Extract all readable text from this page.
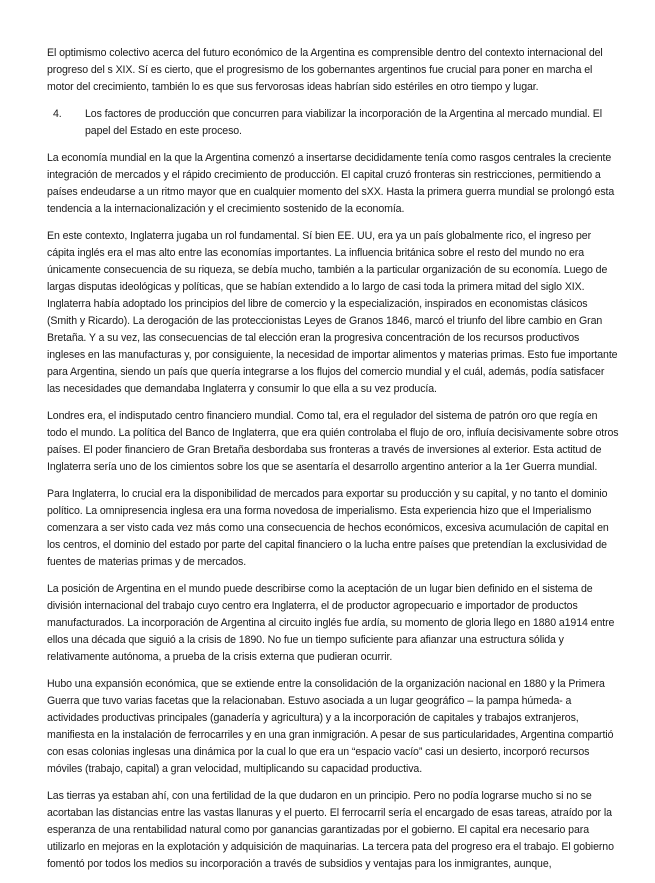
El optimismo colectivo acerca del futuro económico de la Argentina es comprensible dentro del contexto internacional del progreso del s XIX. Sí es cierto, que el progresismo de los gobernantes argentinos fue crucial para poner en marcha el motor del crecimiento, también lo es que sus fervorosas ideas habrían sido estériles en otro tiempo y lugar.

4.	Los factores de producción que concurren para viabilizar la incorporación de la Argentina al mercado mundial. El papel del Estado en este proceso.

La economía mundial en la que la Argentina comenzó a insertarse decididamente tenía como rasgos centrales la creciente integración de mercados y el rápido crecimiento de producción. El capital cruzó fronteras sin restricciones, permitiendo a países endeudarse a un ritmo mayor que en cualquier momento del sXX. Hasta la primera guerra mundial se prolongó esta tendencia a la internacionalización y el crecimiento sostenido de la economía.

En este contexto, Inglaterra jugaba un rol fundamental. Sí bien EE. UU, era ya un país globalmente rico, el ingreso per cápita inglés era el mas alto entre las economías importantes. La influencia británica sobre el resto del mundo no era únicamente consecuencia de su riqueza, se debía mucho, también a la particular organización de su economía. Luego de largas disputas ideológicas y políticas, que se habían extendido a lo largo de casi toda la primera mitad del siglo XIX. Inglaterra había adoptado los principios del libre de comercio y la especialización, inspirados en economistas clásicos (Smith y Ricardo). La derogación de las proteccionistas Leyes de Granos 1846, marcó el triunfo del libre cambio en Gran Bretaña. Y a su vez, las consecuencias de tal elección eran la progresiva concentración de los recursos productivos ingleses en las manufacturas y, por consiguiente, la necesidad de importar alimentos y materias primas. Esto fue importante para Argentina, siendo un país que quería integrarse a los flujos del comercio mundial y el cuál, además, podía satisfacer las necesidades que demandaba Inglaterra y consumir lo que ella a su vez producía.

Londres era, el indisputado centro financiero mundial. Como tal, era el regulador del sistema de patrón oro que regía en todo el mundo. La política del Banco de Inglaterra, que era quién controlaba el flujo de oro, influía decisivamente sobre otros países. El poder financiero de Gran Bretaña desbordaba sus fronteras a través de inversiones al exterior. Esta actitud de Inglaterra sería uno de los cimientos sobre los que se asentaría el desarrollo argentino anterior a la 1er Guerra mundial.

Para Inglaterra, lo crucial era la disponibilidad de mercados para exportar su producción y su capital, y no tanto el dominio político. La omnipresencia inglesa era una forma novedosa de imperialismo. Esta experiencia hizo que el Imperialismo comenzara a ser visto cada vez más como una consecuencia de hechos económicos, excesiva acumulación de capital en los centros, el dominio del estado por parte del capital financiero o la lucha entre países que pretendían la exclusividad de fuentes de materias primas y de mercados.

La posición de Argentina en el mundo puede describirse como la aceptación de un lugar bien definido en el sistema de división internacional del trabajo cuyo centro era Inglaterra, el de productor agropecuario e importador de productos manufacturados. La incorporación de Argentina al circuito inglés fue ardía, su momento de gloria llego en 1880 a1914 entre ellos una década que siguió a la crisis de 1890. No fue un tiempo suficiente para afianzar una estructura sólida y relativamente autónoma, a prueba de la crisis externa que pudieran ocurrir.

Hubo una expansión económica, que se extiende entre la consolidación de la organización nacional en 1880 y la Primera Guerra que tuvo varias facetas que la relacionaban. Estuvo asociada a un lugar geográfico – la pampa húmeda- a actividades productivas principales (ganadería y agricultura) y a la incorporación de capitales y trabajos extranjeros, manifiesta en la instalación de ferrocarriles y en una gran inmigración. A pesar de sus particularidades, Argentina compartió con esas colonias inglesas una dinámica por la cual lo que era un “espacio vacío” casi un desierto, incorporó recursos móviles (trabajo, capital) a gran velocidad, multiplicando su capacidad productiva.

Las tierras ya estaban ahí, con una fertilidad de la que dudaron en un principio. Pero no podía lograrse mucho si no se acortaban las distancias entre las vastas llanuras y el puerto. El ferrocarril sería el encargado de esas tareas, atraído por la esperanza de una rentabilidad natural como por ganancias garantizadas por el gobierno. El capital era necesario para utilizarlo en mejoras en la explotación y adquisición de maquinarias. La tercera pata del progreso era el trabajo. El gobierno fomentó por todos los medios su incorporación a través de subsidios y ventajas para los inmigrantes, aunque,
